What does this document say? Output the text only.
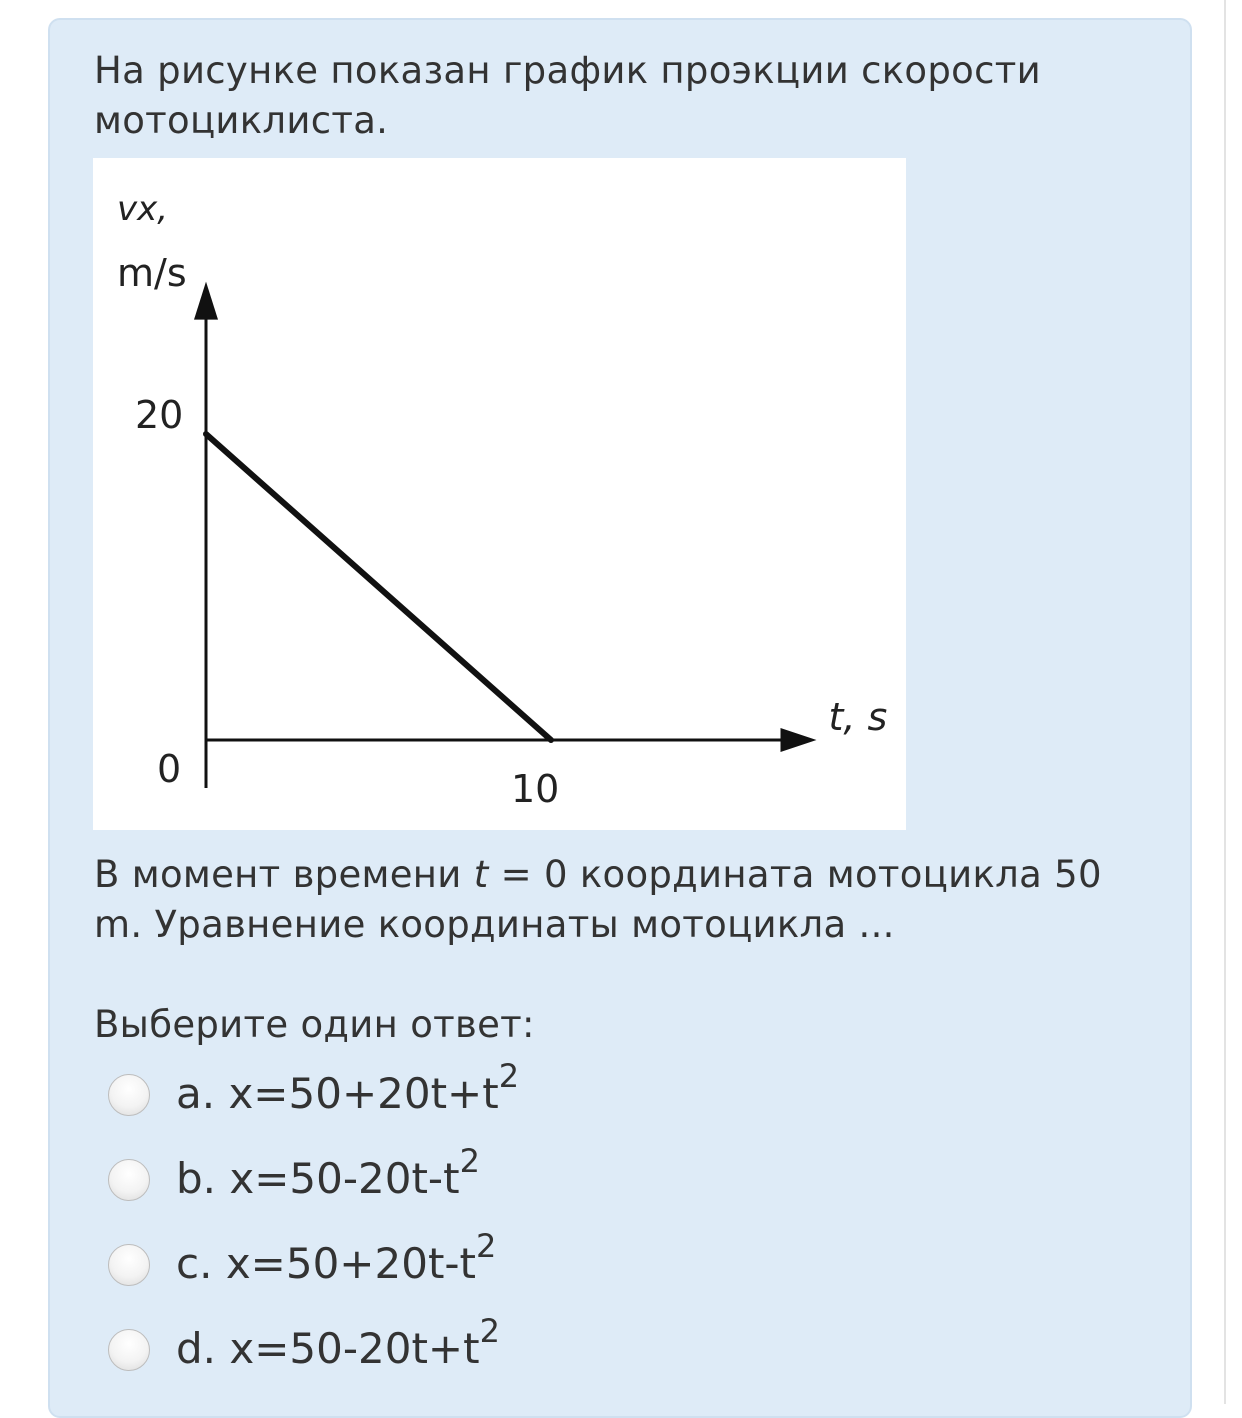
На рисунке показан график проэкции скорости мотоциклиста.
vx,
m/s
20
0	10
t, s
В момент времени t = 0 координата мотоцикла 50 m. Уравнение координаты мотоцикла ...
Выберите один ответ:
a. $x=50+20t+t^2$
b. $x=50-20t-t^2$
c. $x=50+20t-t^2$
d. $x=50-20t+t^2$
